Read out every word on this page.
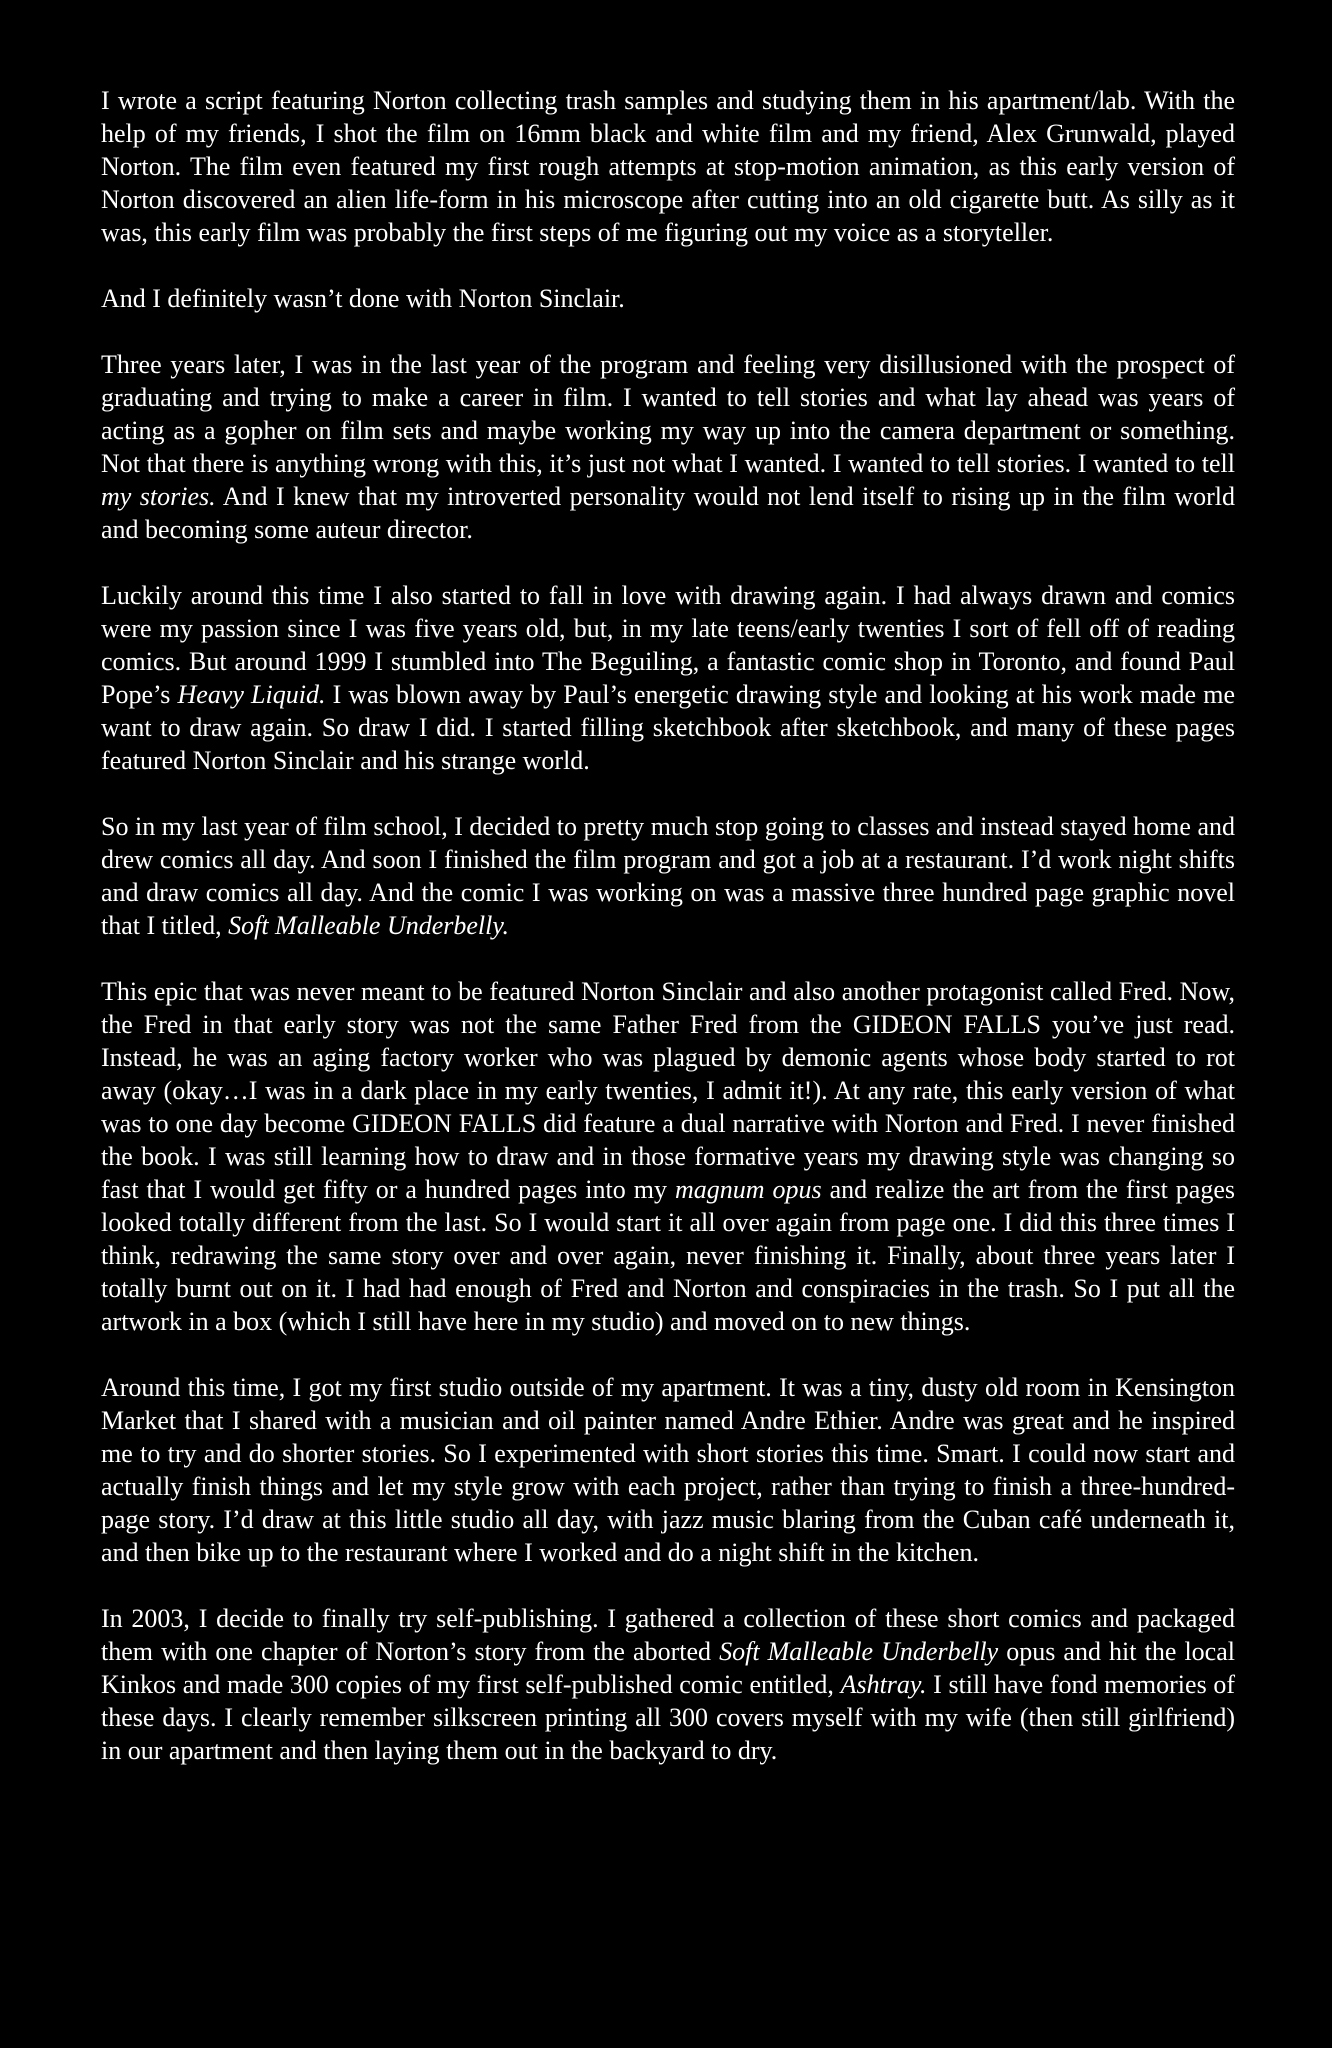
I wrote a script featuring Norton collecting trash samples and studying them in his apartment/lab. With the help of my friends, I shot the film on 16mm black and white film and my friend, Alex Grunwald, played Norton. The film even featured my first rough attempts at stop-motion animation, as this early version of Norton discovered an alien life-form in his microscope after cutting into an old cigarette butt. As silly as it was, this early film was probably the first steps of me figuring out my voice as a storyteller.

And I definitely wasn’t done with Norton Sinclair.

Three years later, I was in the last year of the program and feeling very disillusioned with the prospect of graduating and trying to make a career in film. I wanted to tell stories and what lay ahead was years of acting as a gopher on film sets and maybe working my way up into the camera department or something. Not that there is anything wrong with this, it’s just not what I wanted. I wanted to tell stories. I wanted to tell my stories. And I knew that my introverted personality would not lend itself to rising up in the film world and becoming some auteur director.

Luckily around this time I also started to fall in love with drawing again. I had always drawn and comics were my passion since I was five years old, but, in my late teens/early twenties I sort of fell off of reading comics. But around 1999 I stumbled into The Beguiling, a fantastic comic shop in Toronto, and found Paul Pope’s Heavy Liquid. I was blown away by Paul’s energetic drawing style and looking at his work made me want to draw again. So draw I did. I started filling sketchbook after sketchbook, and many of these pages featured Norton Sinclair and his strange world.

So in my last year of film school, I decided to pretty much stop going to classes and instead stayed home and drew comics all day. And soon I finished the film program and got a job at a restaurant. I’d work night shifts and draw comics all day. And the comic I was working on was a massive three hundred page graphic novel that I titled, Soft Malleable Underbelly.

This epic that was never meant to be featured Norton Sinclair and also another protagonist called Fred. Now, the Fred in that early story was not the same Father Fred from the GIDEON FALLS you’ve just read. Instead, he was an aging factory worker who was plagued by demonic agents whose body started to rot away (okay…I was in a dark place in my early twenties, I admit it!). At any rate, this early version of what was to one day become GIDEON FALLS did feature a dual narrative with Norton and Fred. I never finished the book. I was still learning how to draw and in those formative years my drawing style was changing so fast that I would get fifty or a hundred pages into my magnum opus and realize the art from the first pages looked totally different from the last. So I would start it all over again from page one. I did this three times I think, redrawing the same story over and over again, never finishing it. Finally, about three years later I totally burnt out on it. I had had enough of Fred and Norton and conspiracies in the trash. So I put all the artwork in a box (which I still have here in my studio) and moved on to new things.

Around this time, I got my first studio outside of my apartment. It was a tiny, dusty old room in Kensington Market that I shared with a musician and oil painter named Andre Ethier. Andre was great and he inspired me to try and do shorter stories. So I experimented with short stories this time. Smart. I could now start and actually finish things and let my style grow with each project, rather than trying to finish a three-hundred-page story. I’d draw at this little studio all day, with jazz music blaring from the Cuban café underneath it, and then bike up to the restaurant where I worked and do a night shift in the kitchen.

In 2003, I decide to finally try self-publishing. I gathered a collection of these short comics and packaged them with one chapter of Norton’s story from the aborted Soft Malleable Underbelly opus and hit the local Kinkos and made 300 copies of my first self-published comic entitled, Ashtray. I still have fond memories of these days. I clearly remember silkscreen printing all 300 covers myself with my wife (then still girlfriend) in our apartment and then laying them out in the backyard to dry.
